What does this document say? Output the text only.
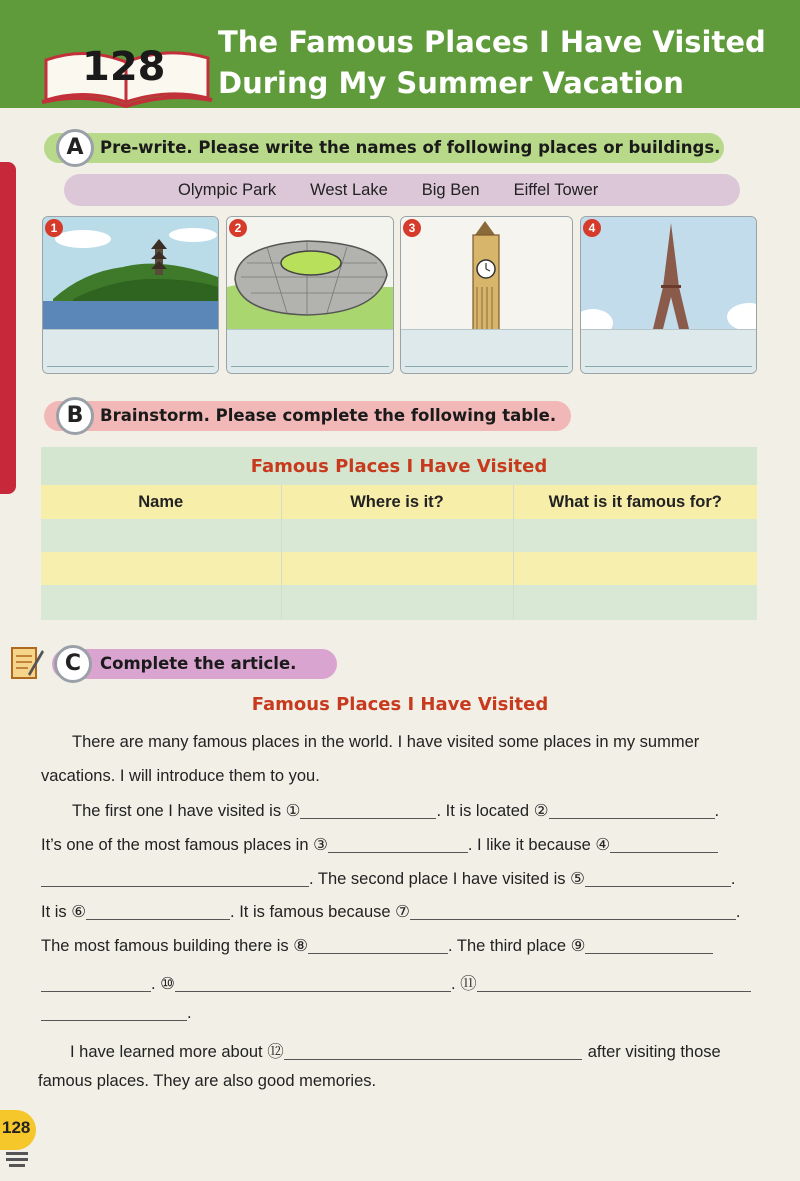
128
The Famous Places I Have Visited
During My Summer Vacation
A Pre-write. Please write the names of following places or buildings.
Olympic Park West Lake Big Ben Eiffel Tower
1	2	3	4
B	Brainstorm. Please complete the following table.
Famous Places I Have Visited		
Name	Where is it?	What is it famous for?

C	Complete the article.
Famous Places I Have Visited
There are many famous places in the world. I have visited some places in my summer
vacations. I will introduce them to you.
The first one I have visited is ①	. It is located ②	.
It’s one of the most famous places in ③	. I like it because ④
. The second place I have visited is ⑤	.
It is ⑥	. It is famous because ⑦	.
The most famous building there is ⑧	. The third place ⑨
. ⑩	. ⑪
.
I have learned more about ⑫	after visiting those
famous places. They are also good memories.
128
